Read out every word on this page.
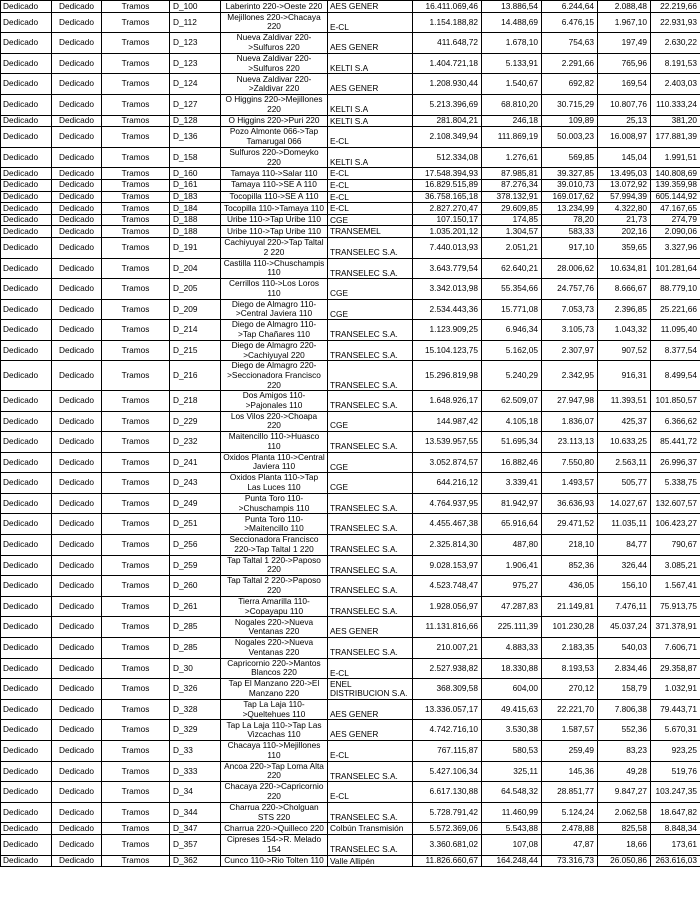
Dedicado	Dedicado	Tramos	D_100	Laberinto 220->Oeste 220	AES GENER	16.411.069,46	13.886,54	6.244,64	2.088,48	22.219,66
Dedicado	Dedicado	Tramos	D_112	Mejillones 220->Chacaya 220	E-CL	1.154.188,82	14.488,69	6.476,15	1.967,10	22.931,93
Dedicado	Dedicado	Tramos	D_123	Nueva Zaldivar 220->Sulfuros 220	AES GENER	411.648,72	1.678,10	754,63	197,49	2.630,22
Dedicado	Dedicado	Tramos	D_123	Nueva Zaldivar 220->Sulfuros 220	KELTI S.A	1.404.721,18	5.133,91	2.291,66	765,96	8.191,53
Dedicado	Dedicado	Tramos	D_124	Nueva Zaldivar 220->Zaldivar 220	AES GENER	1.208.930,44	1.540,67	692,82	169,54	2.403,03
Dedicado	Dedicado	Tramos	D_127	O Higgins 220->Mejillones 220	KELTI S.A	5.213.396,69	68.810,20	30.715,29	10.807,76	110.333,24
Dedicado	Dedicado	Tramos	D_128	O Higgins 220->Puri 220	KELTI S.A	281.804,21	246,18	109,89	25,13	381,20
Dedicado	Dedicado	Tramos	D_136	Pozo Almonte 066->Tap Tamarugal 066	E-CL	2.108.349,94	111.869,19	50.003,23	16.008,97	177.881,39
Dedicado	Dedicado	Tramos	D_158	Sulfuros 220->Domeyko 220	KELTI S.A	512.334,08	1.276,61	569,85	145,04	1.991,51
Dedicado	Dedicado	Tramos	D_160	Tamaya 110->Salar 110	E-CL	17.548.394,93	87.985,81	39.327,85	13.495,03	140.808,69
Dedicado	Dedicado	Tramos	D_161	Tamaya 110->SE A 110	E-CL	16.829.515,89	87.276,34	39.010,73	13.072,92	139.359,98
Dedicado	Dedicado	Tramos	D_183	Tocopilla 110->SE A 110	E-CL	36.758.165,18	378.132,91	169.017,62	57.994,39	605.144,92
Dedicado	Dedicado	Tramos	D_184	Tocopilla 110->Tamaya 110	E-CL	2.827.270,47	29.609,85	13.234,99	4.322,80	47.167,65
Dedicado	Dedicado	Tramos	D_188	Uribe 110->Tap Uribe 110	CGE	107.150,17	174,85	78,20	21,73	274,79
Dedicado	Dedicado	Tramos	D_188	Uribe 110->Tap Uribe 110	TRANSEMEL	1.035.201,12	1.304,57	583,33	202,16	2.090,06
Dedicado	Dedicado	Tramos	D_191	Cachiyuyal 220->Tap Taltal 2 220	TRANSELEC S.A.	7.440.013,93	2.051,21	917,10	359,65	3.327,96
Dedicado	Dedicado	Tramos	D_204	Castilla 110->Chuschampis 110	TRANSELEC S.A.	3.643.779,54	62.640,21	28.006,62	10.634,81	101.281,64
Dedicado	Dedicado	Tramos	D_205	Cerrillos 110->Los Loros 110	CGE	3.342.013,98	55.354,66	24.757,76	8.666,67	88.779,10
Dedicado	Dedicado	Tramos	D_209	Diego de Almagro 110->Central Javiera 110	CGE	2.534.443,36	15.771,08	7.053,73	2.396,85	25.221,66
Dedicado	Dedicado	Tramos	D_214	Diego de Almagro 110->Tap Chañares 110	TRANSELEC S.A.	1.123.909,25	6.946,34	3.105,73	1.043,32	11.095,40
Dedicado	Dedicado	Tramos	D_215	Diego de Almagro 220->Cachiyuyal 220	TRANSELEC S.A.	15.104.123,75	5.162,05	2.307,97	907,52	8.377,54
Dedicado	Dedicado	Tramos	D_216	Diego de Almagro 220->Seccionadora Francisco 220	TRANSELEC S.A.	15.296.819,98	5.240,29	2.342,95	916,31	8.499,54
Dedicado	Dedicado	Tramos	D_218	Dos Amigos 110->Pajonales 110	TRANSELEC S.A.	1.648.926,17	62.509,07	27.947,98	11.393,51	101.850,57
Dedicado	Dedicado	Tramos	D_229	Los Vilos 220->Choapa 220	CGE	144.987,42	4.105,18	1.836,07	425,37	6.366,62
Dedicado	Dedicado	Tramos	D_232	Maitencillo 110->Huasco 110	TRANSELEC S.A.	13.539.957,55	51.695,34	23.113,13	10.633,25	85.441,72
Dedicado	Dedicado	Tramos	D_241	Oxidos Planta 110->Central Javiera 110	CGE	3.052.874,57	16.882,46	7.550,80	2.563,11	26.996,37
Dedicado	Dedicado	Tramos	D_243	Oxidos Planta 110->Tap Las Luces 110	CGE	644.216,12	3.339,41	1.493,57	505,77	5.338,75
Dedicado	Dedicado	Tramos	D_249	Punta Toro 110->Chuschampis 110	TRANSELEC S.A.	4.764.937,95	81.942,97	36.636,93	14.027,67	132.607,57
Dedicado	Dedicado	Tramos	D_251	Punta Toro 110->Maitencillo 110	TRANSELEC S.A.	4.455.467,38	65.916,64	29.471,52	11.035,11	106.423,27
Dedicado	Dedicado	Tramos	D_256	Seccionadora Francisco 220->Tap Taltal 1 220	TRANSELEC S.A.	2.325.814,30	487,80	218,10	84,77	790,67
Dedicado	Dedicado	Tramos	D_259	Tap Taltal 1 220->Paposo 220	TRANSELEC S.A.	9.028.153,97	1.906,41	852,36	326,44	3.085,21
Dedicado	Dedicado	Tramos	D_260	Tap Taltal 2 220->Paposo 220	TRANSELEC S.A.	4.523.748,47	975,27	436,05	156,10	1.567,41
Dedicado	Dedicado	Tramos	D_261	Tierra Amarilla 110->Copayapu 110	TRANSELEC S.A.	1.928.056,97	47.287,83	21.149,81	7.476,11	75.913,75
Dedicado	Dedicado	Tramos	D_285	Nogales 220->Nueva Ventanas 220	AES GENER	11.131.816,66	225.111,39	101.230,28	45.037,24	371.378,91
Dedicado	Dedicado	Tramos	D_285	Nogales 220->Nueva Ventanas 220	TRANSELEC S.A.	210.007,21	4.883,33	2.183,35	540,03	7.606,71
Dedicado	Dedicado	Tramos	D_30	Capricornio 220->Mantos Blancos 220	E-CL	2.527.938,82	18.330,88	8.193,53	2.834,46	29.358,87
Dedicado	Dedicado	Tramos	D_326	Tap El Manzano 220->El Manzano 220	ENEL DISTRIBUCION S.A.	368.309,58	604,00	270,12	158,79	1.032,91
Dedicado	Dedicado	Tramos	D_328	Tap La Laja 110->Queltehues 110	AES GENER	13.336.057,17	49.415,63	22.221,70	7.806,38	79.443,71
Dedicado	Dedicado	Tramos	D_329	Tap La Laja 110->Tap Las Vizcachas 110	AES GENER	4.742.716,10	3.530,38	1.587,57	552,36	5.670,31
Dedicado	Dedicado	Tramos	D_33	Chacaya 110->Mejillones 110	E-CL	767.115,87	580,53	259,49	83,23	923,25
Dedicado	Dedicado	Tramos	D_333	Ancoa 220->Tap Loma Alta 220	TRANSELEC S.A.	5.427.106,34	325,11	145,36	49,28	519,76
Dedicado	Dedicado	Tramos	D_34	Chacaya 220->Capricornio 220	E-CL	6.617.130,88	64.548,32	28.851,77	9.847,27	103.247,35
Dedicado	Dedicado	Tramos	D_344	Charrua 220->Cholguan STS 220	TRANSELEC S.A.	5.728.791,42	11.460,99	5.124,24	2.062,58	18.647,82
Dedicado	Dedicado	Tramos	D_347	Charrua 220->Quilleco 220	Colbún Transmisión	5.572.369,06	5.543,88	2.478,88	825,58	8.848,34
Dedicado	Dedicado	Tramos	D_357	Cipreses 154->R. Melado 154	TRANSELEC S.A.	3.360.681,02	107,08	47,87	18,66	173,61
Dedicado	Dedicado	Tramos	D_362	Cunco 110->Rio Tolten 110	Valle Allipén	11.826.660,67	164.248,44	73.316,73	26.050,86	263.616,03
